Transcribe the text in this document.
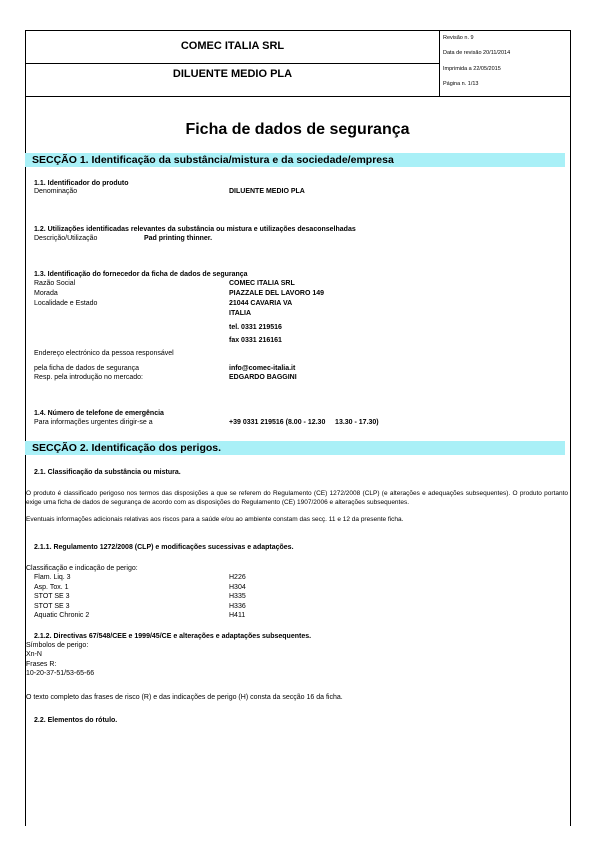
COMEC ITALIA SRL
DILUENTE MEDIO PLA
Revisão n. 9
Data de revisão 20/11/2014
Imprimida a 22/05/2015
Página n. 1/13
Ficha de dados de segurança
SECÇÃO 1. Identificação da substância/mistura e da sociedade/empresa
1.1. Identificador do produto
Denominação	DILUENTE MEDIO PLA
1.2. Utilizações identificadas relevantes da substância ou mistura e utilizações desaconselhadas
Descrição/Utilização	Pad printing thinner.
1.3. Identificação do fornecedor da ficha de dados de segurança
Razão Social	COMEC ITALIA SRL
Morada	PIAZZALE DEL LAVORO 149
Localidade e Estado	21044 CAVARIA VA
ITALIA
tel. 0331 219516
fax 0331 216161
Endereço electrónico da pessoa responsável
pela ficha de dados de segurança	info@comec-italia.it
Resp. pela introdução no mercado:	EDGARDO BAGGINI
1.4. Número de telefone de emergência
Para informações urgentes dirigir-se a	+39 0331 219516 (8.00 - 12.30     13.30 - 17.30)
SECÇÃO 2. Identificação dos perigos.
2.1. Classificação da substância ou mistura.
O produto é classificado perigoso nos termos das disposições a que se referem do Regulamento (CE) 1272/2008 (CLP) (e alterações e adequações subsequentes). O produto portanto exige uma ficha de dados de segurança de acordo com as disposições do Regulamento (CE) 1907/2006 e alterações subsequentes.
Eventuais informações adicionais relativas aos riscos para a saúde e/ou ao ambiente constam das secç. 11 e 12 da presente ficha.
2.1.1. Regulamento 1272/2008 (CLP) e modificações sucessivas e adaptações.
Classificação e indicação de perigo:
Flam. Liq. 3	H226
Asp. Tox. 1	H304
STOT SE 3	H335
STOT SE 3	H336
Aquatic Chronic 2	H411
2.1.2. Directivas 67/548/CEE e 1999/45/CE e alterações e adaptações subsequentes.
Símbolos de perigo:
Xn-N
Frases R:
10-20-37-51/53-65-66
O texto completo das frases de risco (R) e das indicações de perigo (H) consta da secção 16 da ficha.
2.2. Elementos do rótulo.
